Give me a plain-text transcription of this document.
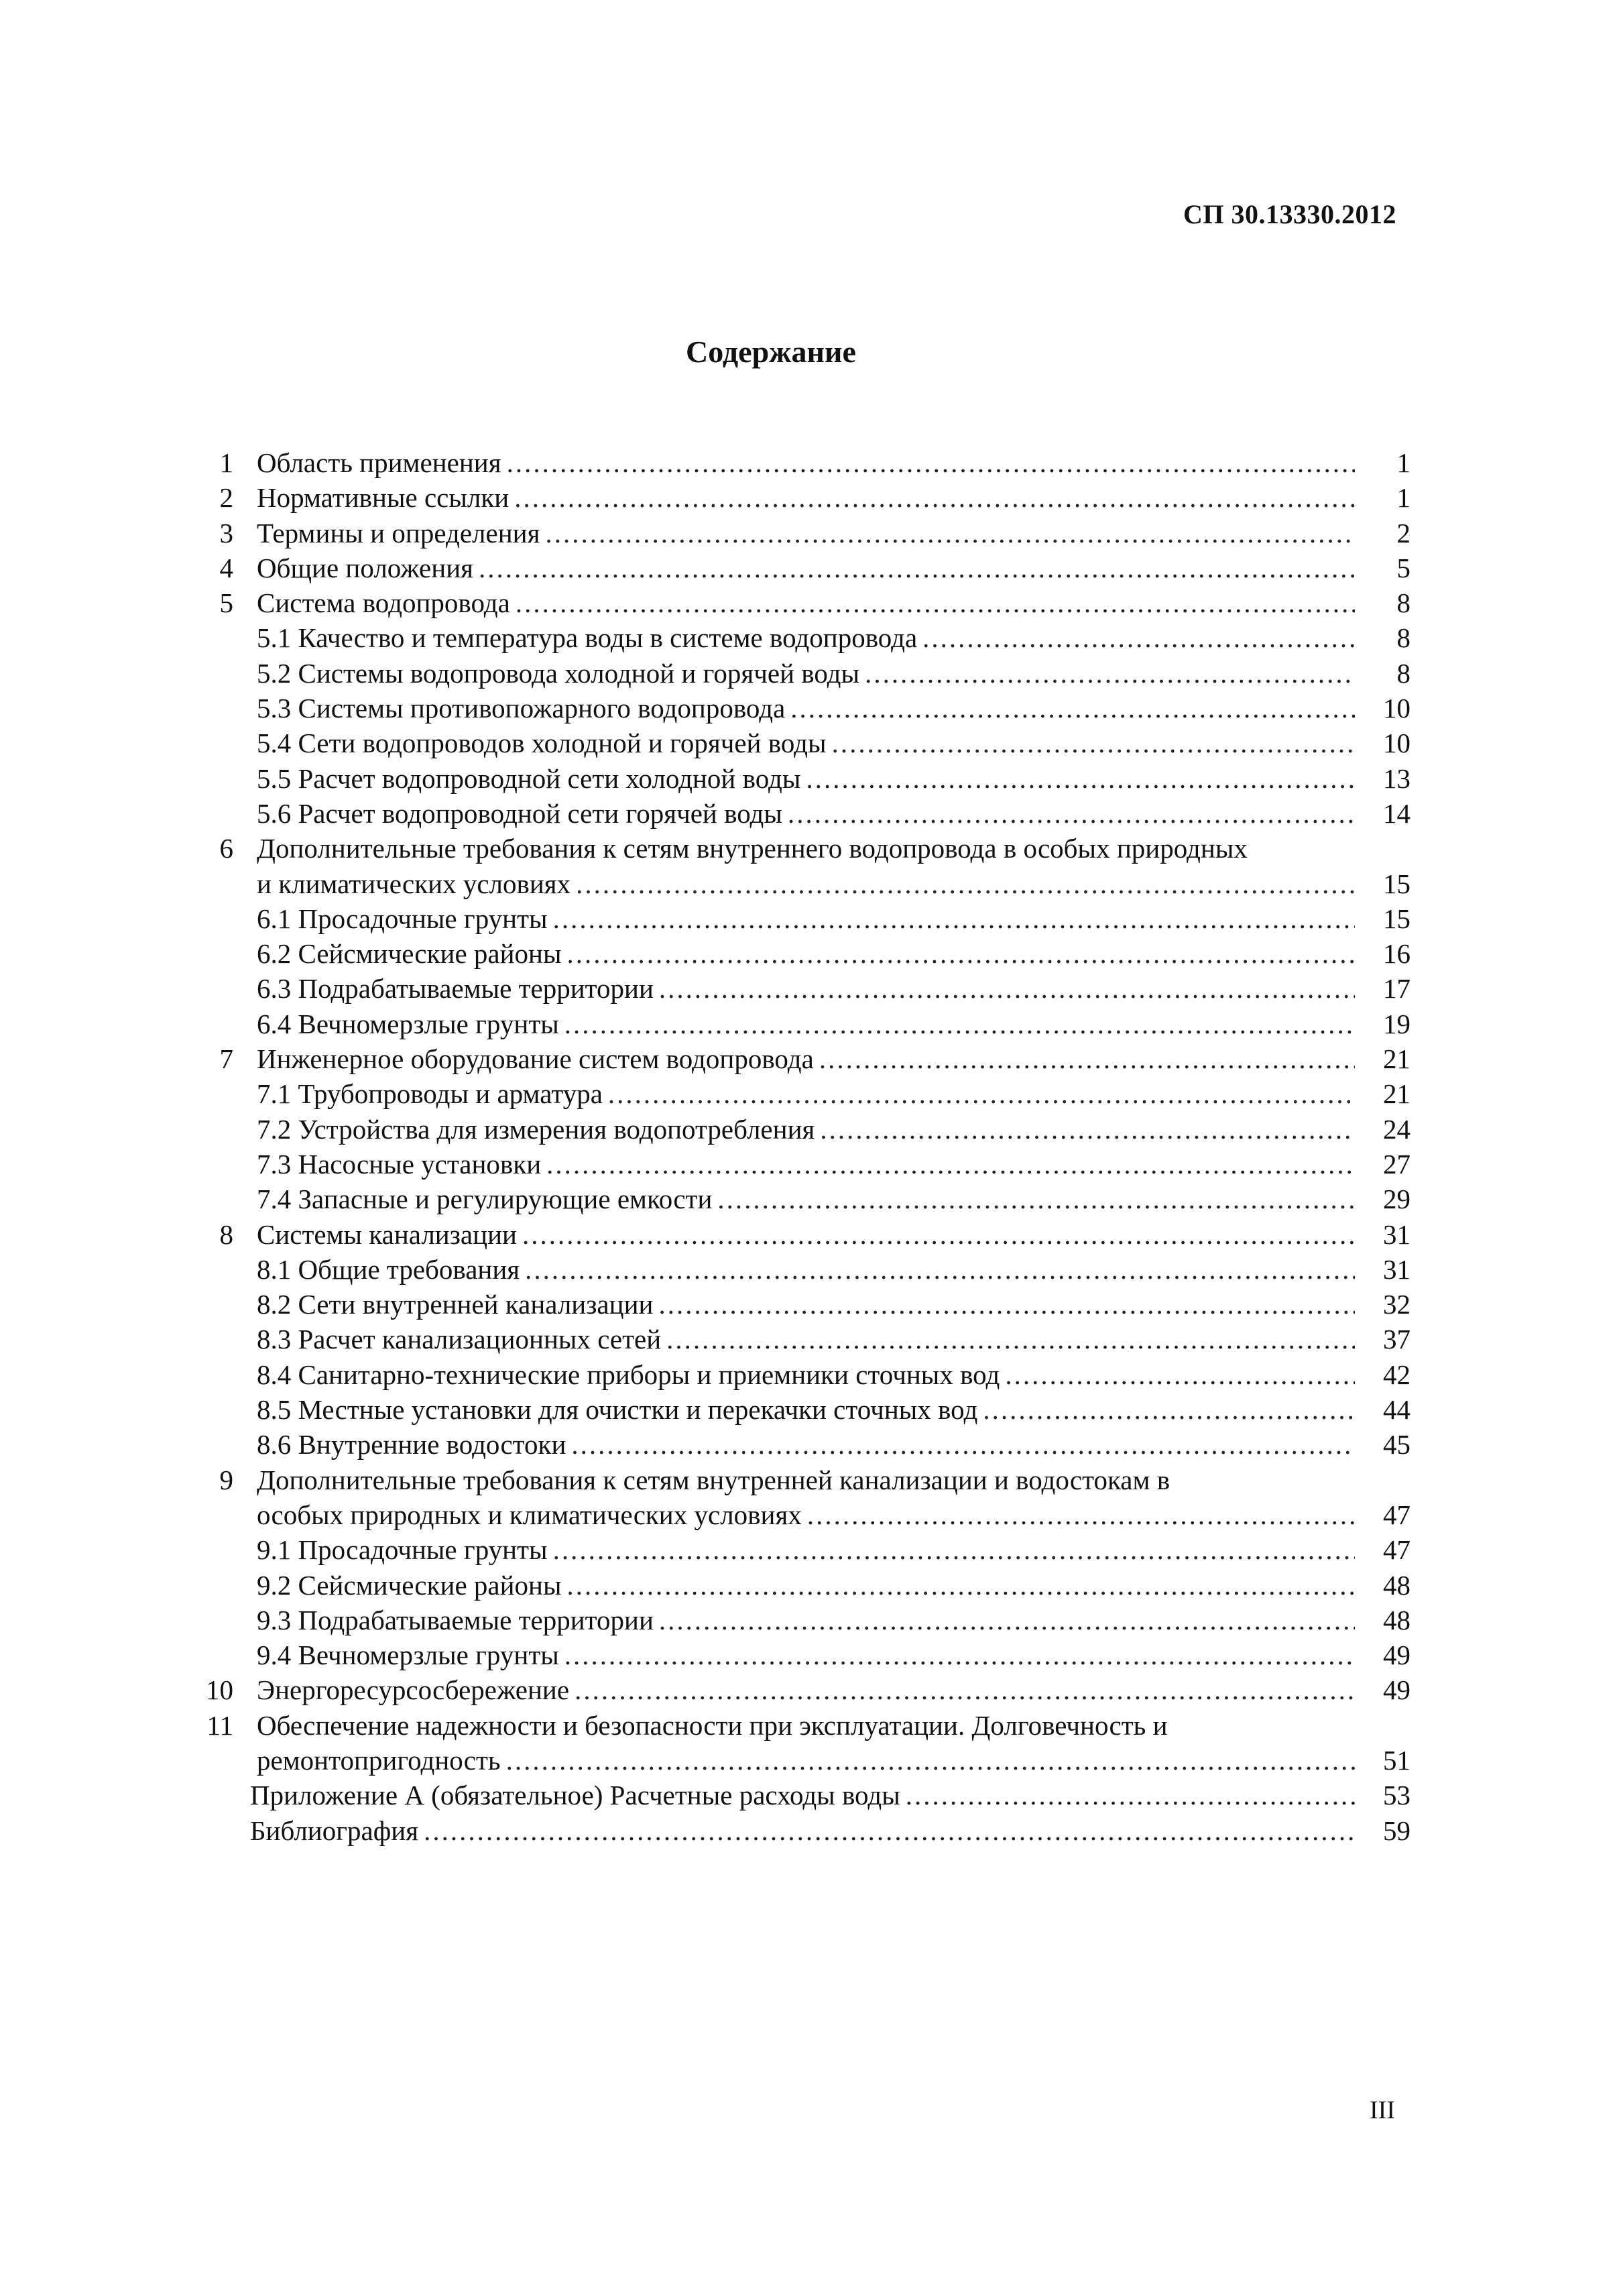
СП 30.13330.2012
Содержание
1 Область применения .....	1
2 Нормативные ссылки .....	1
3 Термины и определения .....	2
4 Общие положения .....	5
5 Система водопровода .....	8
5.1 Качество и температура воды в системе водопровода .....	8
5.2 Системы водопровода холодной и горячей воды .....	8
5.3 Системы противопожарного водопровода .....	10
5.4 Сети водопроводов холодной и горячей воды .....	10
5.5 Расчет водопроводной сети холодной воды .....	13
5.6 Расчет водопроводной сети горячей воды .....	14
6 Дополнительные требования к сетям внутреннего водопровода в особых природных
и климатических условиях .....	15
6.1 Просадочные грунты .....	15
6.2 Сейсмические районы .....	16
6.3 Подрабатываемые территории .....	17
6.4 Вечномерзлые грунты .....	19
7 Инженерное оборудование систем водопровода .....	21
7.1 Трубопроводы и арматура .....	21
7.2 Устройства для измерения водопотребления .....	24
7.3 Насосные установки .....	27
7.4 Запасные и регулирующие емкости .....	29
8 Системы канализации .....	31
8.1 Общие требования .....	31
8.2 Сети внутренней канализации .....	32
8.3 Расчет канализационных сетей .....	37
8.4 Санитарно-технические приборы и приемники сточных вод .....	42
8.5 Местные установки для очистки и перекачки сточных вод .....	44
8.6 Внутренние водостоки .....	45
9 Дополнительные требования к сетям внутренней канализации и водостокам в
особых природных и климатических условиях .....	47
9.1 Просадочные грунты .....	47
9.2 Сейсмические районы .....	48
9.3 Подрабатываемые территории .....	48
9.4 Вечномерзлые грунты .....	49
10 Энергоресурсосбережение .....	49
11 Обеспечение надежности и безопасности при эксплуатации. Долговечность и
ремонтопригодность .....	51
Приложение А (обязательное) Расчетные расходы воды .....	53
Библиография .....	59
III
